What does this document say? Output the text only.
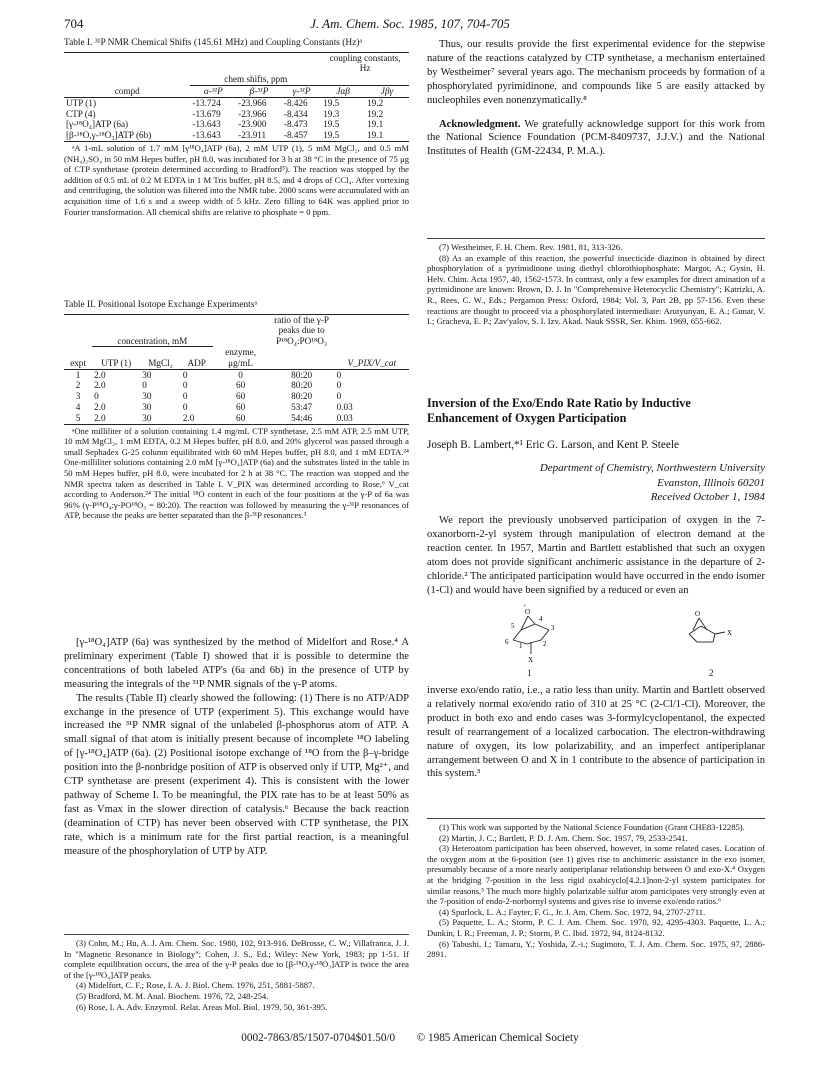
704	J. Am. Chem. Soc. 1985, 107, 704-705
Table I. ³¹P NMR Chemical Shifts (145.61 MHz) and Coupling Constants (Hz)ᵃ

				coupling constants, Hz	
	chem shifts, ppm				
compd	α-³¹P	β-³¹P	γ-³¹P	Jαβ	Jβγ

UTP (1)	-13.724	-23.966	-8.426	19.5	19.2
CTP (4)	-13.679	-23.966	-8.434	19.3	19.2
[γ-¹⁸O₄]ATP (6a)	-13.643	-23.900	-8.473	19.5	19.1
[β-¹⁸O,γ-¹⁸O₃]ATP (6b)	-13.643	-23.911	-8.457	19.5	19.1

ᵃA 1-mL solution of 1.7 mM [γ¹⁸O₄]ATP (6a), 2 mM UTP (1), 5 mM MgCl₂, and 0.5 mM (NH₄)₂SO₄ in 50 mM Hepes buffer, pH 8.0, was incubated for 3 h at 38 °C in the presence of 75 μg of CTP synthetase (protein determined according to Bradford⁵). The reaction was stopped by the addition of 0.5 mL of 0.2 M EDTA in 1 M Tris buffer, pH 8.5, and 4 drops of CCl₄. After vortexing and centrifuging, the solution was filtered into the NMR tube. 2000 scans were accumulated with an acquisition time of 1.6 s and a sweep width of 5 kHz. Zero filling to 64K was applied prior to Fourier transformation. All chemical shifts are relative to phosphate = 0 ppm.

Table II. Positional Isotope Exchange Experimentsᵃ

	concentration, mM				ratio of the γ-P peaks due to P¹⁸O₄:PO¹⁸O₃	
expt	UTP (1)	MgCl₂	ADP	enzyme, μg/mL		V_PIX/V_cat

1	2.0	30	0	0	80:20	0
2	2.0	0	0	60	80:20	0
3	0	30	0	60	80:20	0
4	2.0	30	0	60	53:47	0.03
5	2.0	30	2.0	60	54:46	0.03

ᵃOne milliliter of a solution containing 1.4 mg/mL CTP synthetase, 2.5 mM ATP, 2.5 mM UTP, 10 mM MgCl₂, 1 mM EDTA, 0.2 M Hepes buffer, pH 8.0, and 20% glycerol was passed through a small Sephadex G-25 column equilibrated with 60 mM Hepes buffer, pH 8.0, and 1 mM EDTA.²⁴ One-milliliter solutions containing 2.0 mM [γ-¹⁸O₄]ATP (6a) and the substrates listed in the table in 50 mM Hepes buffer, pH 8.0, were incubated for 2 h at 38 °C. The reaction was stopped and the NMR spectra taken as described in Table I. V_PIX was determined according to Rose,⁶ V_cat according to Anderson.²⁴ The initial ¹⁸O content in each of the four positions at the γ-P of 6a was 96% (γ-P¹⁸O₄:γ-PO¹⁸O₃ = 80:20). The reaction was followed by measuring the γ-³¹P resonances of ATP, because the peaks are better separated than the β-³¹P resonances.³

[γ-¹⁸O₄]ATP (6a) was synthesized by the method of Midelfort and Rose.⁴ A preliminary experiment (Table I) showed that it is possible to determine the concentrations of both labeled ATP's (6a and 6b) in the presence of UTP by measuring the integrals of the ³¹P NMR signals of the γ-P atoms.

The results (Table II) clearly showed the following: (1) There is no ATP/ADP exchange in the presence of UTP (experiment 5). This exchange would have increased the ³¹P NMR signal of the unlabeled β-phosphorus atom of ATP. A small signal of that atom is initially present because of incomplete ¹⁸O labeling of [γ-¹⁸O₄]ATP (6a). (2) Positional isotope exchange of ¹⁸O from the β–γ-bridge position into the β-nonbridge position of ATP is observed only if UTP, Mg²⁺, and CTP synthetase are present (experiment 4). This is consistent with the lower pathway of Scheme I. To be meaningful, the PIX rate has to be at least 50% as fast as Vmax in the slower direction of catalysis.⁶ Because the back reaction (deamination of CTP) has never been observed with CTP synthetase, the PIX rate, which is a minimum rate for the first partial reaction, is a meaningful measure of the phosphorylation of UTP by ATP.

(3) Cohn, M.; Hu, A. J. Am. Chem. Soc. 1980, 102, 913-916. DeBrosse, C. W.; Villafranca, J. J. In "Magnetic Resonance in Biology"; Cohen, J. S., Ed.; Wiley: New York, 1983; pp 1-51. If complete equilibration occurs, the area of the γ-P peaks due to [β-¹⁸O,γ-¹⁸O₃]ATP is twice the area of the [γ-¹⁸O₄]ATP peaks.

(4) Midelfort, C. F.; Rose, I. A. J. Biol. Chem. 1976, 251, 5881-5887.

(5) Bradford, M. M. Anal. Biochem. 1976, 72, 248-254.

(6) Rose, I. A. Adv. Enzymol. Relat. Areas Mol. Biol. 1979, 50, 361-395.

Thus, our results provide the first experimental evidence for the stepwise nature of the reactions catalyzed by CTP synthetase, a mechanism entertained by Westheimer⁷ several years ago. The mechanism proceeds by formation of a phosphorylated pyrimidinone, and compounds like 5 are easily attacked by nucleophiles even nonenzymatically.⁸

Acknowledgment. We gratefully acknowledge support for this work from the National Science Foundation (PCM-8409737, J.J.V.) and the National Institutes of Health (GM-22434, P. M.A.).

(7) Westheimer, F. H. Chem. Rev. 1981, 81, 313-326.

(8) As an example of this reaction, the powerful insecticide diazinon is obtained by direct phosphorylation of a pyrimidinone using diethyl chlorothiophosphate: Margot, A.; Gysin, H. Helv. Chim. Acta 1957, 40, 1562-1573. In contrast, only a few examples for direct amination of a pyrimidinone are known: Brown, D. J. In "Comprehensive Heterocyclic Chemistry"; Katrizki, A. R., Rees, C. W., Eds.; Pergamon Press: Oxford, 1984; Vol. 3, Part 2B, pp 57-156. Even these reactions are thought to proceed via a phosphorylated intermediate: Arutyunyan, E. A.; Gunar, V. I.; Gracheva, E. P.; Zav'yalov, S. I. Izv. Akad. Nauk SSSR, Ser. Khim. 1969, 655-662.

Inversion of the Exo/Endo Rate Ratio by Inductive Enhancement of Oxygen Participation
Joseph B. Lambert,*¹ Eric G. Larson, and Kent P. Steele
Department of Chemistry, Northwestern University
Evanston, Illinois 60201
Received October 1, 1984

We report the previously unobserved participation of oxygen in the 7-oxanorborn-2-yl system through manipulation of electron demand at the reaction center. In 1957, Martin and Bartlett established that such an oxygen atom does not provide significant anchimeric assistance in the departure of 2-chloride.² The anticipated participation would have occurred in the endo isomer (1-Cl) and would have been signified by a reduced or even an

O
7
3
6
5
2
4
1
X
O
X
1	2

inverse exo/endo ratio, i.e., a ratio less than unity. Martin and Bartlett observed a relatively normal exo/endo ratio of 310 at 25 °C (2-Cl/1-Cl). Moreover, the product in both exo and endo cases was 3-formylcyclopentanol, the expected result of rearrangement of a localized carbocation. The electron-withdrawing nature of oxygen, its low polarizability, and an imperfect antiperiplanar arrangement between O and X in 1 contribute to the absence of participation in this system.³

(1) This work was supported by the National Science Foundation (Grant CHE83-12285).

(2) Martin, J. C.; Bartlett, P. D. J. Am. Chem. Soc. 1957, 79, 2533-2541.

(3) Heteroatom participation has been observed, however, in some related cases. Location of the oxygen atom at the 6-position (see 1) gives rise to anchimeric assistance in the exo isomer, presumably because of a more nearly antiperiplanar relationship between O and exo-X.⁴ Oxygen at the bridging 7-position in the less rigid oxabicyclo[4.2.1]non-2-yl system participates for similar reasons.⁵ The much more highly polarizable sulfur atom participates very strongly even at the 7-position of endo-2-norbornyl systems and gives rise to inverse exo/endo ratios.⁶

(4) Spurlock, L. A.; Fayter, F. G., Jr. J. Am. Chem. Soc. 1972, 94, 2707-2711.

(5) Paquette, L. A.; Storm, P. C. J. Am. Chem. Soc. 1970, 92, 4295-4303. Paquette, L. A.; Dunkin, I. R.; Freeman, J. P.; Storm, P. C. Ibid. 1972, 94, 8124-8132.

(6) Tabushi, I.; Tamaru, Y.; Yoshida, Z.-i.; Sugimoto, T. J. Am. Chem. Soc. 1975, 97, 2886-2891.

0002-7863/85/1507-0704$01.50/0 © 1985 American Chemical Society
